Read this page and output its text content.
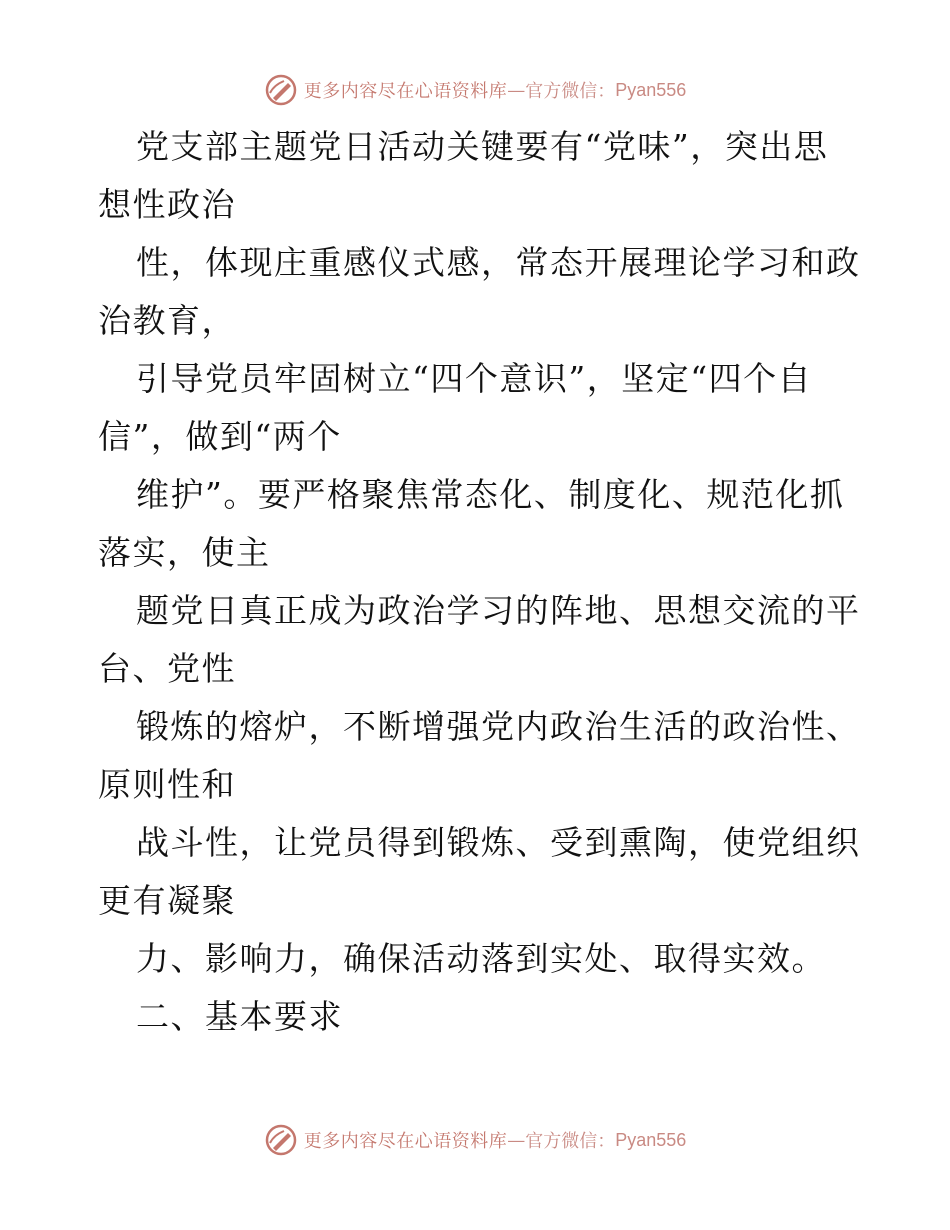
更多内容尽在心语资料库 — 官方微信： Pyan556
党支部主题党日活动关键要有“党味”，突出思
想性政治
性，体现庄重感仪式感，常态开展理论学习和政
治教育，
引导党员牢固树立“四个意识”，坚定“四个自
信”，做到“两个
维护”。要严格聚焦常态化、制度化、规范化抓
落实，使主
题党日真正成为政治学习的阵地、思想交流的平
台、党性
锻炼的熔炉，不断增强党内政治生活的政治性、
原则性和
战斗性，让党员得到锻炼、受到熏陶，使党组织
更有凝聚
力、影响力，确保活动落到实处、取得实效。
二、基本要求
更多内容尽在心语资料库 — 官方微信： Pyan556
